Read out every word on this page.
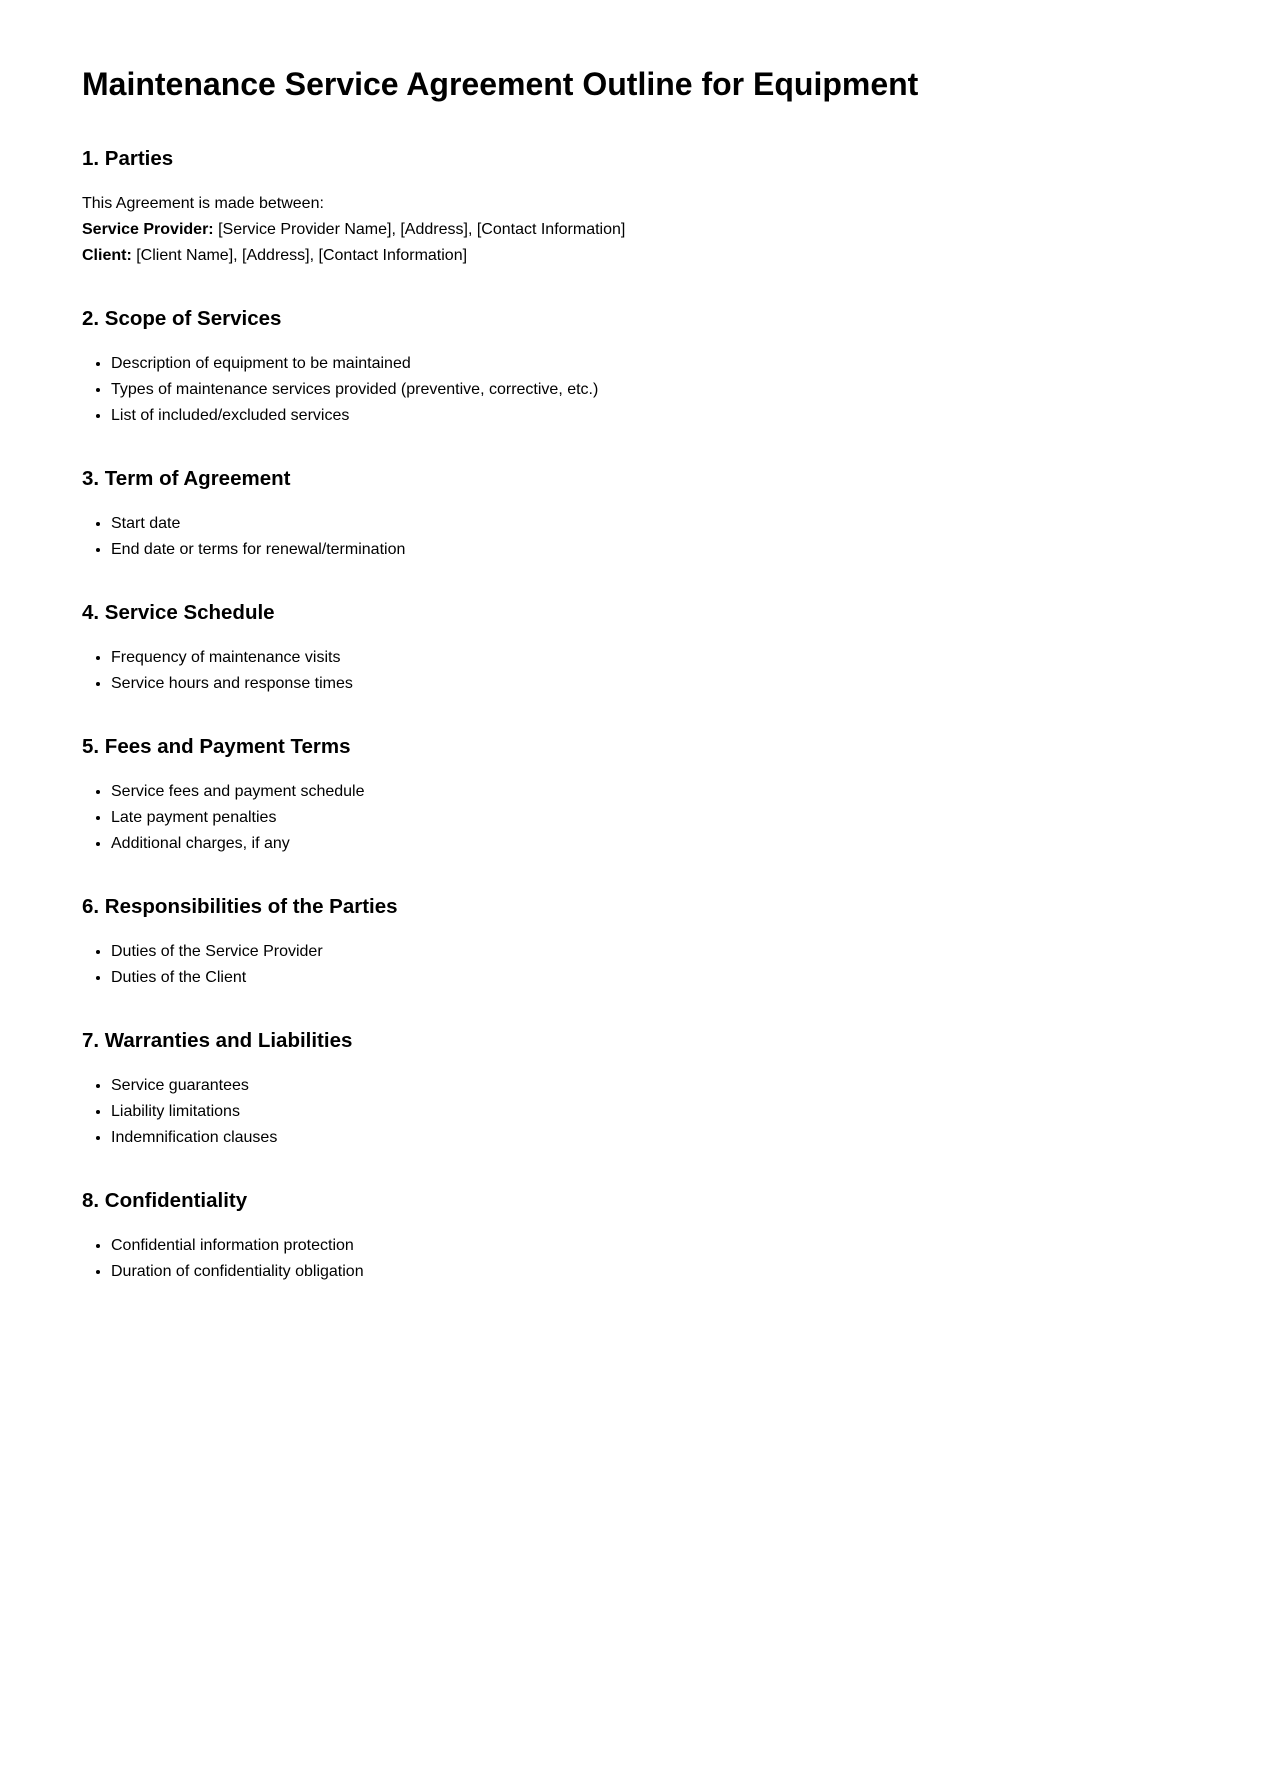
Maintenance Service Agreement Outline for Equipment
1. Parties

This Agreement is made between:

Service Provider: [Service Provider Name], [Address], [Contact Information]

Client: [Client Name], [Address], [Contact Information]

2. Scope of Services
• Description of equipment to be maintained
• Types of maintenance services provided (preventive, corrective, etc.)
• List of included/excluded services
3. Term of Agreement
• Start date
• End date or terms for renewal/termination
4. Service Schedule
• Frequency of maintenance visits
• Service hours and response times
5. Fees and Payment Terms
• Service fees and payment schedule
• Late payment penalties
• Additional charges, if any
6. Responsibilities of the Parties
• Duties of the Service Provider
• Duties of the Client
7. Warranties and Liabilities
• Service guarantees
• Liability limitations
• Indemnification clauses
8. Confidentiality
• Confidential information protection
• Duration of confidentiality obligation
